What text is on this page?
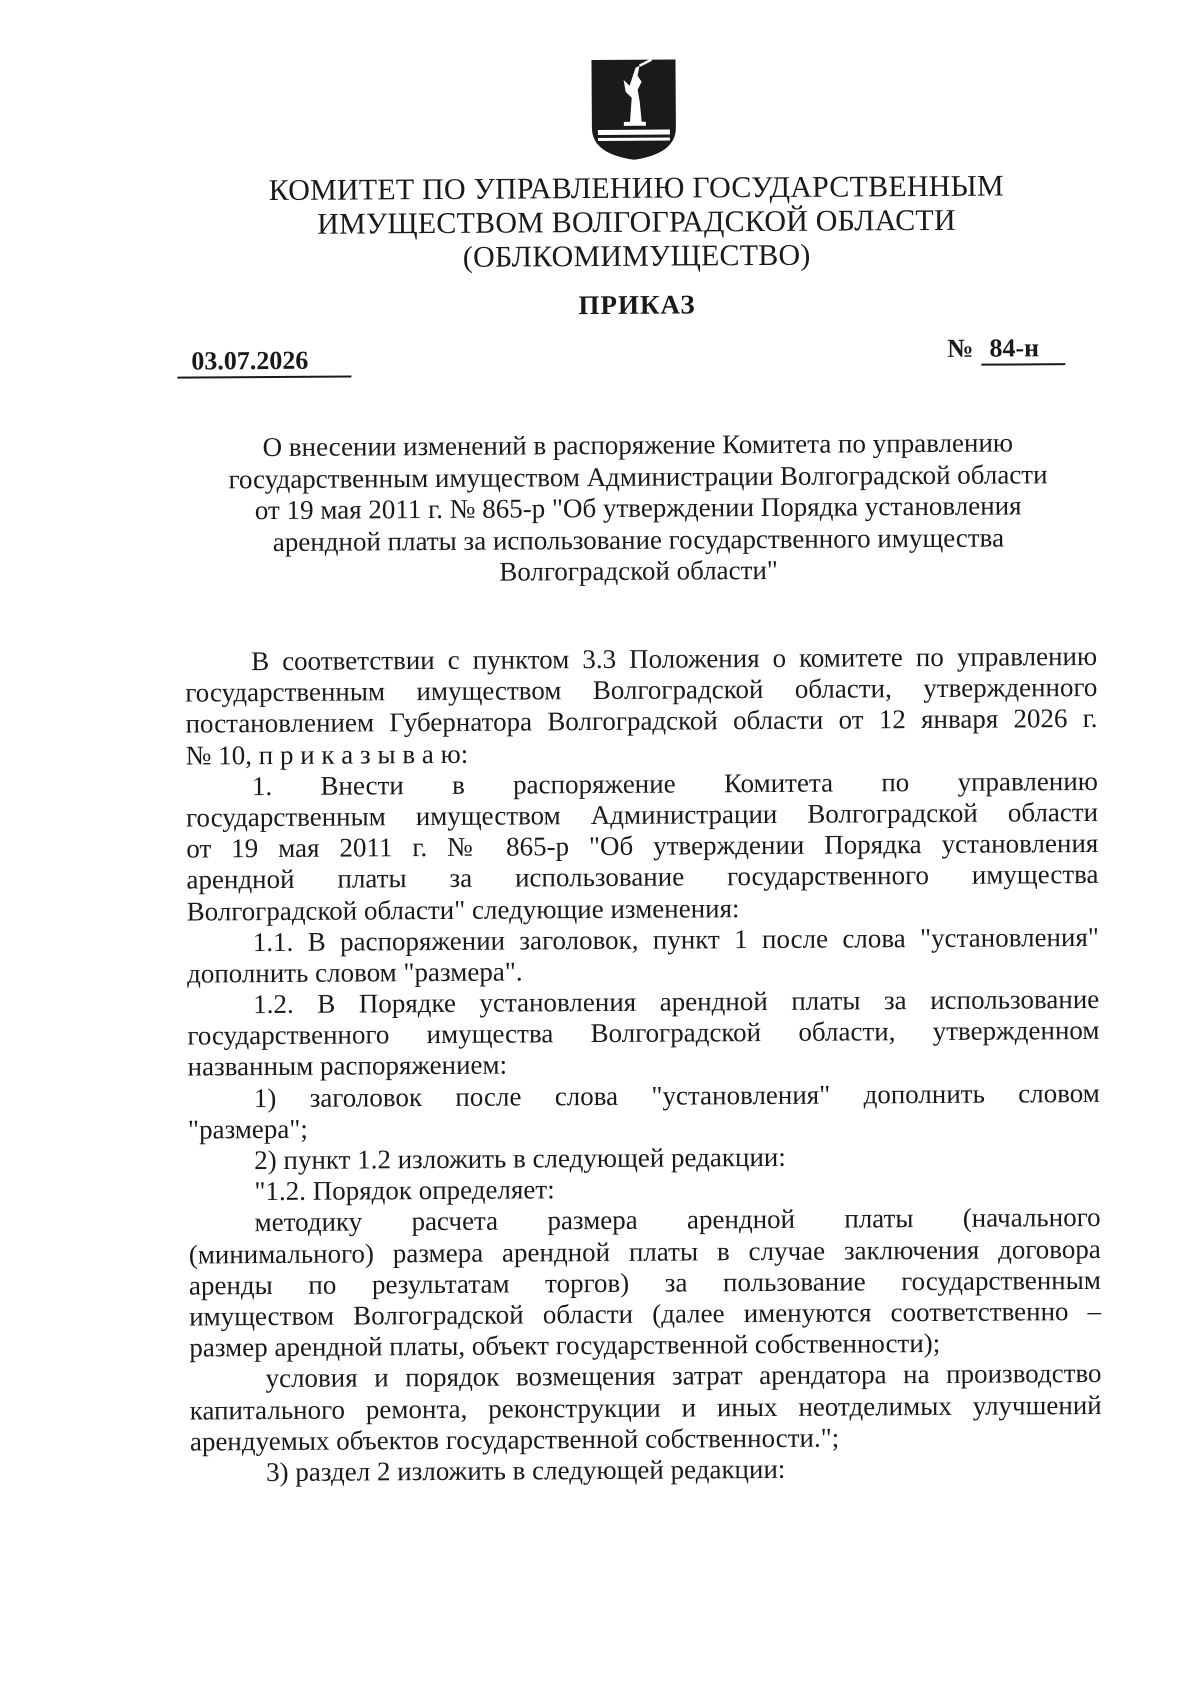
КОМИТЕТ ПО УПРАВЛЕНИЮ ГОСУДАРСТВЕННЫМ
ИМУЩЕСТВОМ ВОЛГОГРАДСКОЙ ОБЛАСТИ
(ОБЛКОМИМУЩЕСТВО)
ПРИКАЗ
03.07.2026	№ 84-н
О внесении изменений в распоряжение Комитета по управлению
государственным имуществом Администрации Волгоградской области
от 19 мая 2011 г. № 865-р "Об утверждении Порядка установления
арендной платы за использование государственного имущества
Волгоградской области"
В соответствии с пунктом 3.3 Положения о комитете по управлению
государственным имуществом Волгоградской области, утвержденного
постановлением Губернатора Волгоградской области от 12 января 2026 г.
№ 10, п р и к а з ы в а ю:
1. Внести в распоряжение Комитета по управлению
государственным имуществом Администрации Волгоградской области
от 19 мая 2011 г. № 865-р "Об утверждении Порядка установления
арендной платы за использование государственного имущества
Волгоградской области" следующие изменения:
1.1. В распоряжении заголовок, пункт 1 после слова "установления"
дополнить словом "размера".
1.2. В Порядке установления арендной платы за использование
государственного имущества Волгоградской области, утвержденном
названным распоряжением:
1) заголовок после слова "установления" дополнить словом
"размера";
2) пункт 1.2 изложить в следующей редакции:
"1.2. Порядок определяет:
методику расчета размера арендной платы (начального
(минимального) размера арендной платы в случае заключения договора
аренды по результатам торгов) за пользование государственным
имуществом Волгоградской области (далее именуются соответственно –
размер арендной платы, объект государственной собственности);
условия и порядок возмещения затрат арендатора на производство
капитального ремонта, реконструкции и иных неотделимых улучшений
арендуемых объектов государственной собственности.";
3) раздел 2 изложить в следующей редакции:
